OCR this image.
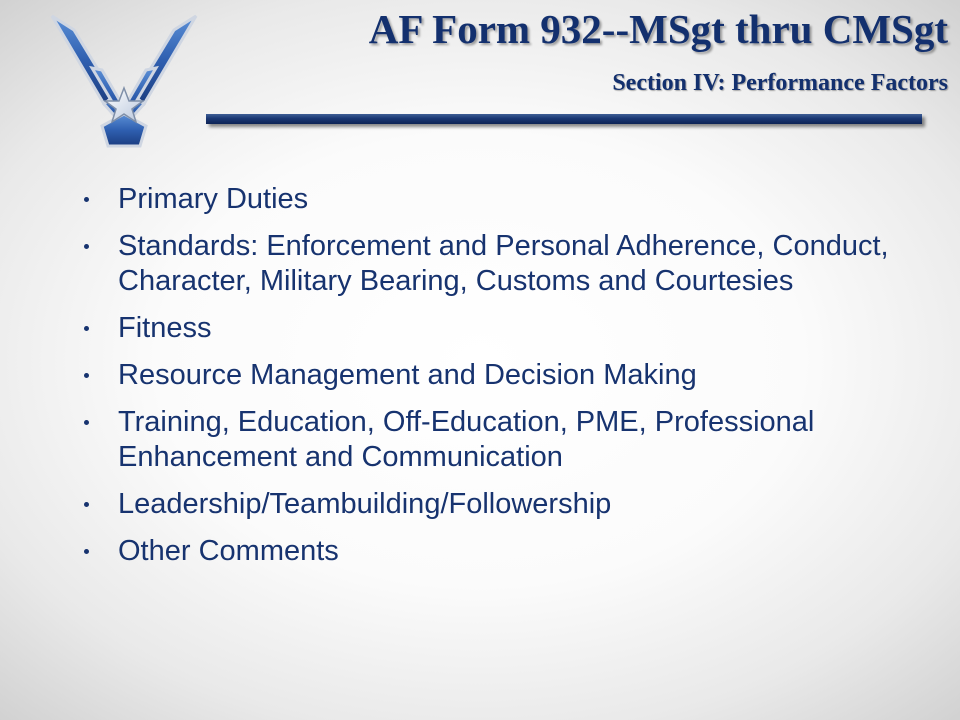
AF Form 932--MSgt thru CMSgt
Section IV: Performance Factors
Primary Duties
Standards: Enforcement and Personal Adherence, Conduct, Character, Military Bearing, Customs and Courtesies
Fitness
Resource Management and Decision Making
Training, Education, Off-Education, PME, Professional Enhancement and Communication
Leadership/Teambuilding/Followership
Other Comments
